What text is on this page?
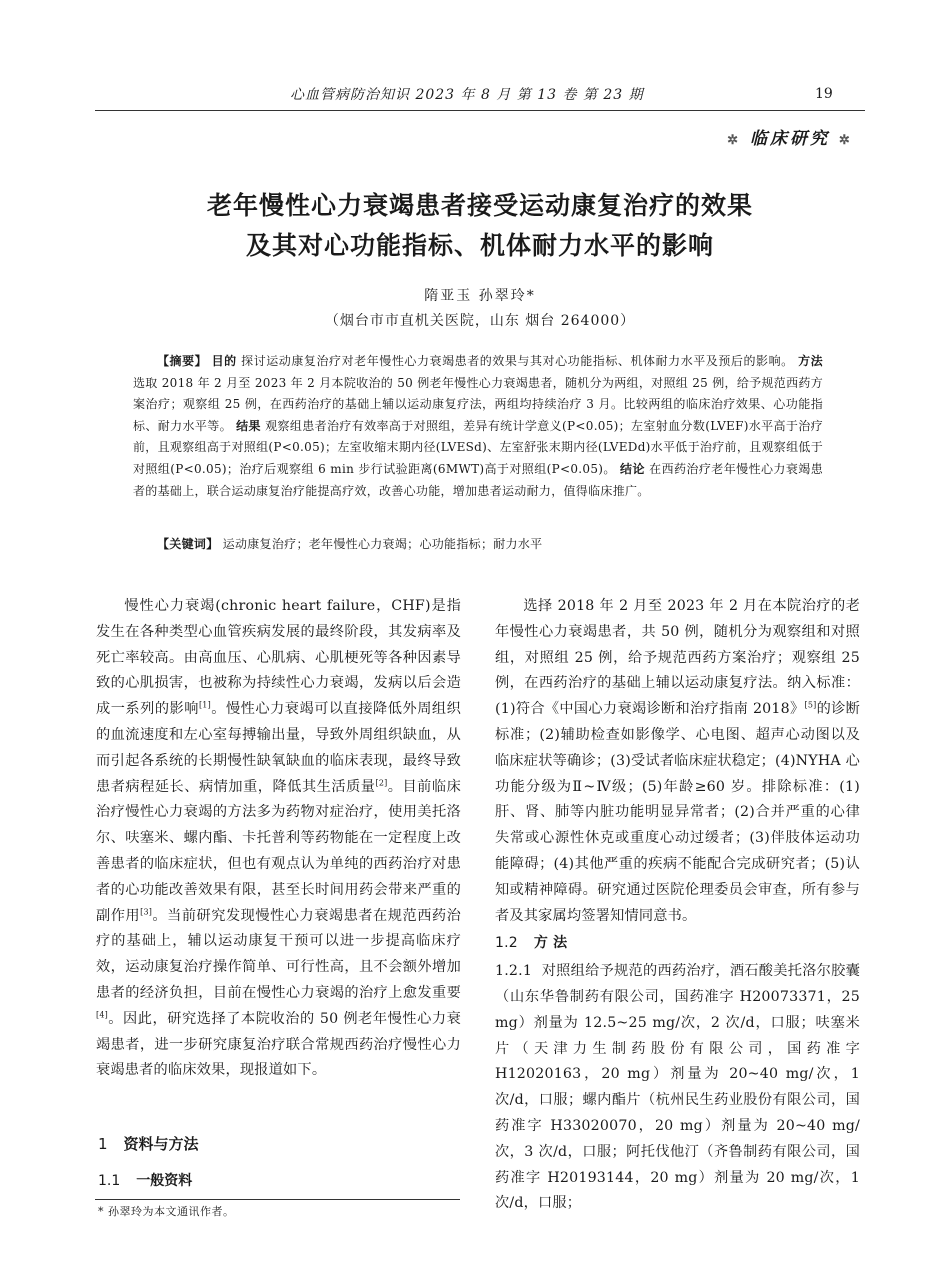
心血管病防治知识 2023 年 8 月 第 13 卷 第 23 期	19
✲ 临床研究 ✲
老年慢性心力衰竭患者接受运动康复治疗的效果
及其对心功能指标、机体耐力水平的影响
隋亚玉 孙翠玲*
（烟台市市直机关医院，山东 烟台 264000）
【摘要】 目的 探讨运动康复治疗对老年慢性心力衰竭患者的效果与其对心功能指标、机体耐力水平及预后的影响。 方法 选取 2018 年 2 月至 2023 年 2 月本院收治的 50 例老年慢性心力衰竭患者，随机分为两组，对照组 25 例，给予规范西药方案治疗；观察组 25 例，在西药治疗的基础上辅以运动康复疗法，两组均持续治疗 3 月。比较两组的临床治疗效果、心功能指标、耐力水平等。 结果 观察组患者治疗有效率高于对照组，差异有统计学意义(P<0.05)；左室射血分数(LVEF)水平高于治疗前，且观察组高于对照组(P<0.05)；左室收缩末期内径(LVESd)、左室舒张末期内径(LVEDd)水平低于治疗前，且观察组低于对照组(P<0.05)；治疗后观察组 6 min 步行试验距离(6MWT)高于对照组(P<0.05)。 结论 在西药治疗老年慢性心力衰竭患者的基础上，联合运动康复治疗能提高疗效，改善心功能，增加患者运动耐力，值得临床推广。
【关键词】 运动康复治疗；老年慢性心力衰竭；心功能指标；耐力水平

慢性心力衰竭(chronic heart failure，CHF)是指发生在各种类型心血管疾病发展的最终阶段，其发病率及死亡率较高。由高血压、心肌病、心肌梗死等各种因素导致的心肌损害，也被称为持续性心力衰竭，发病以后会造成一系列的影响[1]。慢性心力衰竭可以直接降低外周组织的血流速度和左心室每搏输出量，导致外周组织缺血，从而引起各系统的长期慢性缺氧缺血的临床表现，最终导致患者病程延长、病情加重，降低其生活质量[2]。目前临床治疗慢性心力衰竭的方法多为药物对症治疗，使用美托洛尔、呋塞米、螺内酯、卡托普利等药物能在一定程度上改善患者的临床症状，但也有观点认为单纯的西药治疗对患者的心功能改善效果有限，甚至长时间用药会带来严重的副作用[3]。当前研究发现慢性心力衰竭患者在规范西药治疗的基础上，辅以运动康复干预可以进一步提高临床疗效，运动康复治疗操作简单、可行性高，且不会额外增加患者的经济负担，目前在慢性心力衰竭的治疗上愈发重要[4]。因此，研究选择了本院收治的 50 例老年慢性心力衰竭患者，进一步研究康复治疗联合常规西药治疗慢性心力衰竭患者的临床效果，现报道如下。

1 资料与方法
1.1 一般资料

选择 2018 年 2 月至 2023 年 2 月在本院治疗的老年慢性心力衰竭患者，共 50 例，随机分为观察组和对照组，对照组 25 例，给予规范西药方案治疗；观察组 25 例，在西药治疗的基础上辅以运动康复疗法。纳入标准：(1)符合《中国心力衰竭诊断和治疗指南 2018》[5]的诊断标准；(2)辅助检查如影像学、心电图、超声心动图以及临床症状等确诊；(3)受试者临床症状稳定；(4)NYHA 心功能分级为Ⅱ~Ⅳ级；(5)年龄≥60 岁。排除标准：(1)肝、肾、肺等内脏功能明显异常者；(2)合并严重的心律失常或心源性休克或重度心动过缓者；(3)伴肢体运动功能障碍；(4)其他严重的疾病不能配合完成研究者；(5)认知或精神障碍。研究通过医院伦理委员会审查，所有参与者及其家属均签署知情同意书。

1.2 方 法

1.2.1 对照组给予规范的西药治疗，酒石酸美托洛尔胶囊（山东华鲁制药有限公司，国药准字 H20073371，25 mg）剂量为 12.5~25 mg/次，2 次/d，口服；呋塞米片（天津力生制药股份有限公司，国药准字 H12020163，20 mg）剂量为 20~40 mg/次，1 次/d，口服；螺内酯片（杭州民生药业股份有限公司，国药准字 H33020070，20 mg）剂量为 20~40 mg/次，3 次/d，口服；阿托伐他汀（齐鲁制药有限公司，国药准字 H20193144，20 mg）剂量为 20 mg/次，1 次/d，口服；

* 孙翠玲为本文通讯作者。
